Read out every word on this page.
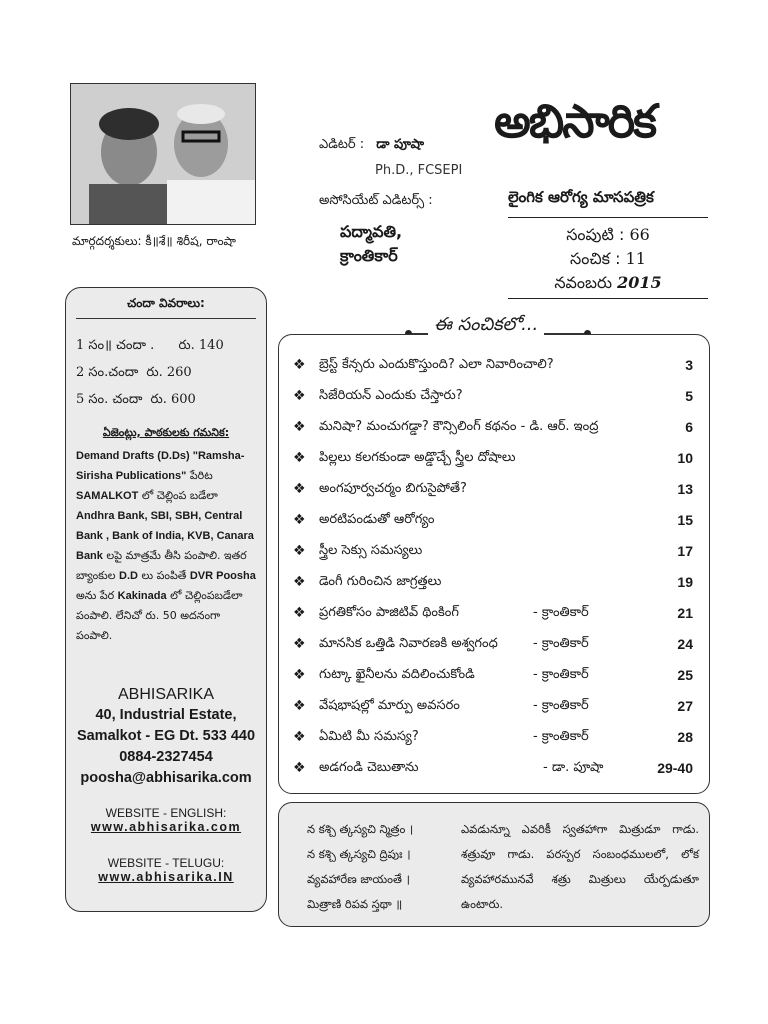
మార్గదర్శకులు: కీ॥శే॥ శిరీష, రాంషా
ఎడిటర్ : డా పూషా
Ph.D., FCSEPI
అసోసియేట్ ఎడిటర్స్ :
పద్మావతి,
క్రాంతికార్
అభిసారిక
లైంగిక ఆరోగ్య మాసపత్రిక
సంపుటి : 66
సంచిక : 11
నవంబరు 2015
చందా వివరాలు:
1 సం॥ చందా . రు. 140
2 సం.చందా రు. 260
5 సం. చందా రు. 600
ఏజెంట్లు, పాఠకులకు గమనిక:
Demand Drafts (D.Ds) "Ramsha-Sirisha Publications" పేరిట SAMALKOT లో చెల్లింప బడేలా Andhra Bank, SBI, SBH, Central Bank , Bank of India, KVB, Canara Bank లపై మాత్రమే తీసి పంపాలి. ఇతర బ్యాంకుల D.D లు పంపితే DVR Poosha అను పేర Kakinada లో చెల్లింపబడేలా పంపాలి. లేనిచో రు. 50 అదనంగా పంపాలి.
ABHISARIKA
40, Industrial Estate,
Samalkot - EG Dt. 533 440
0884-2327454
poosha@abhisarika.com
WEBSITE - ENGLISH:
www.abhisarika.com
WEBSITE - TELUGU:
www.abhisarika.IN
❖ బ్రెస్ట్ కేన్సరు ఎందుకొస్తుంది? ఎలా నివారించాలి?	3
❖ సిజేరియన్ ఎందుకు చేస్తారు?	5
❖ మనిషా? మంచుగడ్డా? కౌన్సిలింగ్ కథనం - డి. ఆర్. ఇంద్ర	6
❖ పిల్లలు కలగకుండా అడ్డొచ్చే స్త్రీల దోషాలు	10
❖ అంగపూర్వచర్మం బిగుసైపోతే?	13
❖ అరటిపండుతో ఆరోగ్యం	15
❖ స్త్రీల సెక్సు సమస్యలు	17
❖ డెంగీ గురించిన జాగ్రత్తలు	19
❖ ప్రగతికోసం పాజిటివ్ థింకింగ్	- క్రాంతికార్	21
❖ మానసిక ఒత్తిడి నివారణకి అశ్వగంధ	- క్రాంతికార్	24
❖ గుట్కా ఖైనీలను వదిలించుకోండి	- క్రాంతికార్	25
❖ వేషభాషల్లో మార్పు అవసరం	- క్రాంతికార్	27
❖ ఏమిటి మీ సమస్య?	- క్రాంతికార్	28
❖ అడగండి చెబుతాను	- డా. పూషా	29-40
ఈ సంచికలో...
న కశ్చి త్కస్యచి న్మిత్రం ।
న కశ్చి త్కస్యచి ద్రిపుః ।
వ్యవహారేణ జాయంతే ।
మిత్రాణి రిపవ స్తథా ॥
ఎవడున్నూ ఎవరికీ స్వతహాగా మిత్రుడూ గాడు. శత్రువూ గాడు. పరస్పర సంబంధములలో, లోక వ్యవహారమునవే శత్రు మిత్రులు యేర్పడుతూ ఉంటారు.
